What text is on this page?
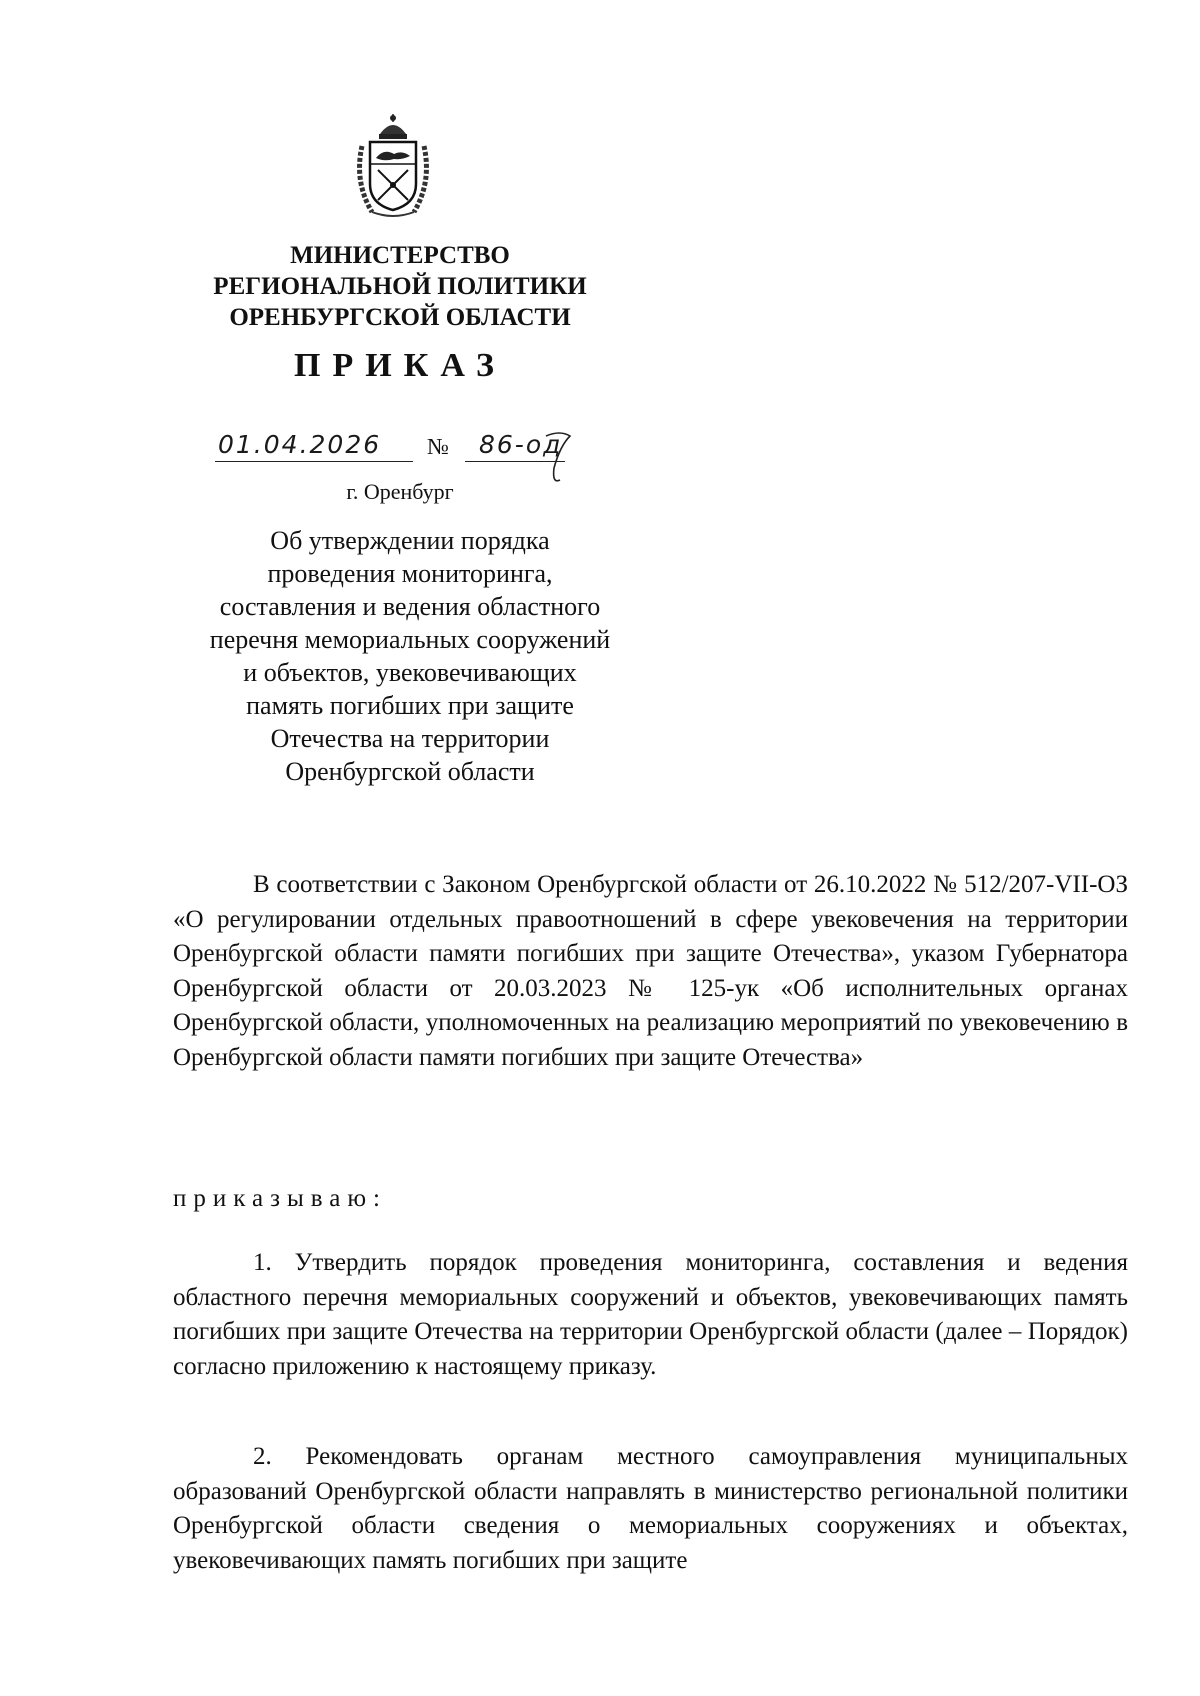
МИНИСТЕРСТВО
РЕГИОНАЛЬНОЙ ПОЛИТИКИ
ОРЕНБУРГСКОЙ ОБЛАСТИ
ПРИКАЗ
01.04.2026	№	86-од
г. Оренбург
Об утверждении порядка
проведения мониторинга,
составления и ведения областного
перечня мемориальных сооружений
и объектов, увековечивающих
память погибших при защите
Отечества на территории
Оренбургской области
В соответствии с Законом Оренбургской области от 26.10.2022 № 512/207-VII-ОЗ «О регулировании отдельных правоотношений в сфере увековечения на территории Оренбургской области памяти погибших при защите Отечества», указом Губернатора Оренбургской области от 20.03.2023 № 125-ук «Об исполнительных органах Оренбургской области, уполномоченных на реализацию мероприятий по увековечению в Оренбургской области памяти погибших при защите Отечества»
приказываю:
1. Утвердить порядок проведения мониторинга, составления и ведения областного перечня мемориальных сооружений и объектов, увековечивающих память погибших при защите Отечества на территории Оренбургской области (далее – Порядок) согласно приложению к настоящему приказу.
2. Рекомендовать органам местного самоуправления муниципальных образований Оренбургской области направлять в министерство региональной политики Оренбургской области сведения о мемориальных сооружениях и объектах, увековечивающих память погибших при защите
